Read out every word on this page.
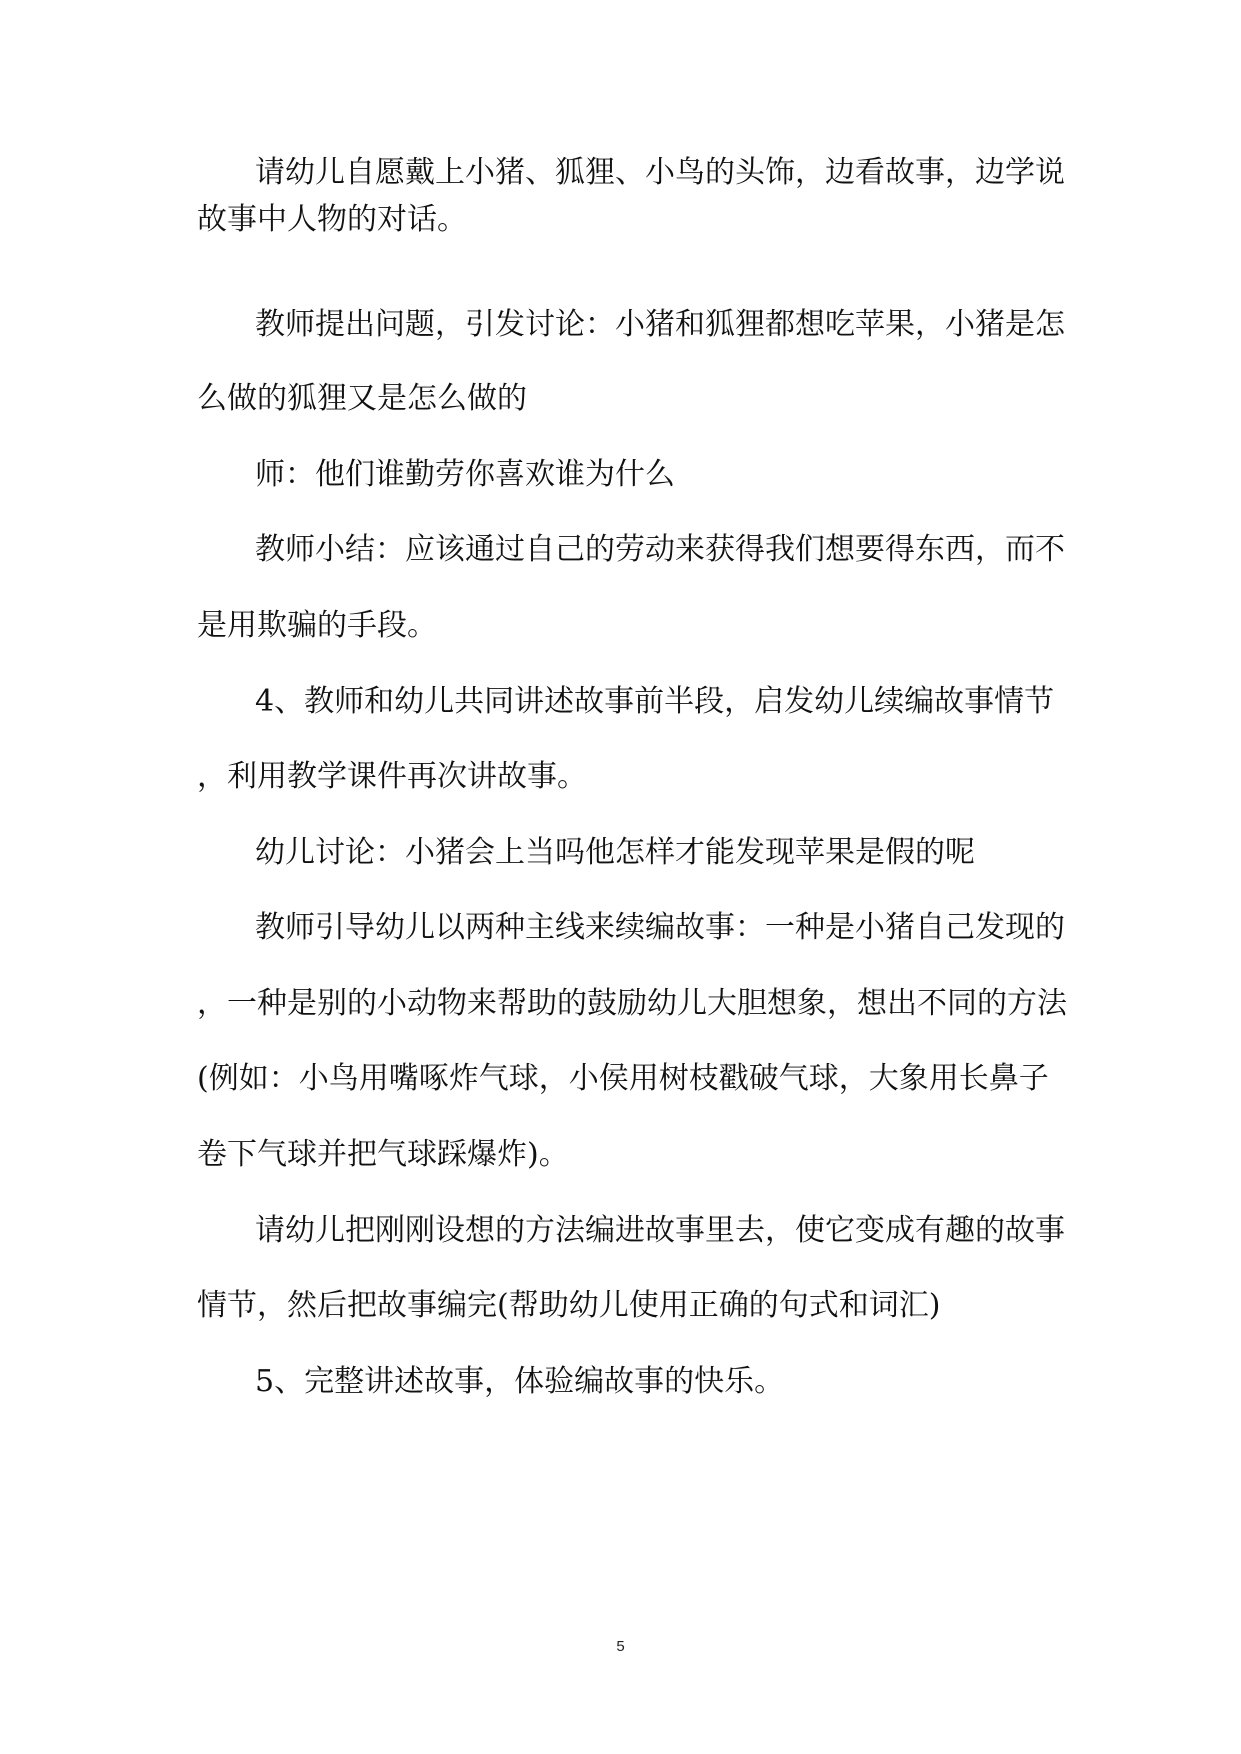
请幼儿自愿戴上小猪、狐狸、小鸟的头饰，边看故事，边学说
故事中人物的对话。
教师提出问题，引发讨论：小猪和狐狸都想吃苹果，小猪是怎
么做的狐狸又是怎么做的
师：他们谁勤劳你喜欢谁为什么
教师小结：应该通过自己的劳动来获得我们想要得东西，而不
是用欺骗的手段。
4、教师和幼儿共同讲述故事前半段，启发幼儿续编故事情节
，利用教学课件再次讲故事。
幼儿讨论：小猪会上当吗他怎样才能发现苹果是假的呢
教师引导幼儿以两种主线来续编故事：一种是小猪自己发现的
，一种是别的小动物来帮助的鼓励幼儿大胆想象，想出不同的方法
(例如：小鸟用嘴啄炸气球，小侯用树枝戳破气球，大象用长鼻子
卷下气球并把气球踩爆炸)。
请幼儿把刚刚设想的方法编进故事里去，使它变成有趣的故事
情节，然后把故事编完(帮助幼儿使用正确的句式和词汇)
5、完整讲述故事，体验编故事的快乐。
5
